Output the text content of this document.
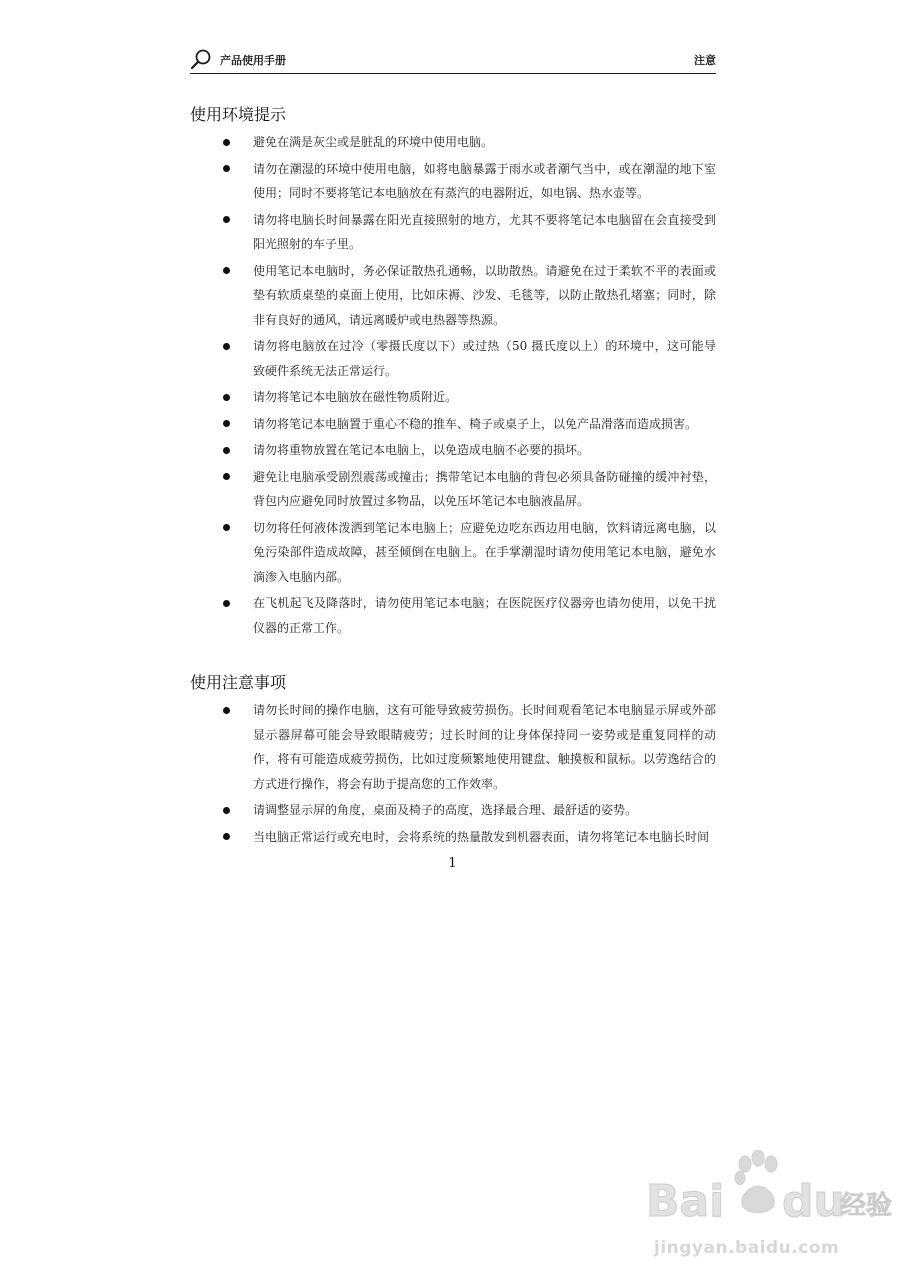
产品使用手册	注意
使用环境提示
避免在满是灰尘或是脏乱的环境中使用电脑。
请勿在潮湿的环境中使用电脑，如将电脑暴露于雨水或者潮气当中，或在潮湿的地下室使用；同时不要将笔记本电脑放在有蒸汽的电器附近，如电锅、热水壶等。
请勿将电脑长时间暴露在阳光直接照射的地方，尤其不要将笔记本电脑留在会直接受到阳光照射的车子里。
使用笔记本电脑时，务必保证散热孔通畅，以助散热。请避免在过于柔软不平的表面或垫有软质桌垫的桌面上使用，比如床褥、沙发、毛毯等，以防止散热孔堵塞；同时，除非有良好的通风，请远离暖炉或电热器等热源。
请勿将电脑放在过冷（零摄氏度以下）或过热（50 摄氏度以上）的环境中，这可能导致硬件系统无法正常运行。
请勿将笔记本电脑放在磁性物质附近。
请勿将笔记本电脑置于重心不稳的推车、椅子或桌子上，以免产品滑落而造成损害。
请勿将重物放置在笔记本电脑上，以免造成电脑不必要的损坏。
避免让电脑承受剧烈震荡或撞击；携带笔记本电脑的背包必须具备防碰撞的缓冲衬垫，背包内应避免同时放置过多物品，以免压坏笔记本电脑液晶屏。
切勿将任何液体泼洒到笔记本电脑上；应避免边吃东西边用电脑，饮料请远离电脑，以免污染部件造成故障，甚至倾倒在电脑上。在手掌潮湿时请勿使用笔记本电脑，避免水滴渗入电脑内部。
在飞机起飞及降落时，请勿使用笔记本电脑；在医院医疗仪器旁也请勿使用，以免干扰仪器的正常工作。
使用注意事项
请勿长时间的操作电脑，这有可能导致疲劳损伤。长时间观看笔记本电脑显示屏或外部显示器屏幕可能会导致眼睛疲劳；过长时间的让身体保持同一姿势或是重复同样的动作，将有可能造成疲劳损伤，比如过度频繁地使用键盘、触摸板和鼠标。以劳逸结合的方式进行操作，将会有助于提高您的工作效率。
请调整显示屏的角度，桌面及椅子的高度，选择最合理、最舒适的姿势。
当电脑正常运行或充电时，会将系统的热量散发到机器表面，请勿将笔记本电脑长时间
1
Bai du
经验
jingyan.baidu.com
